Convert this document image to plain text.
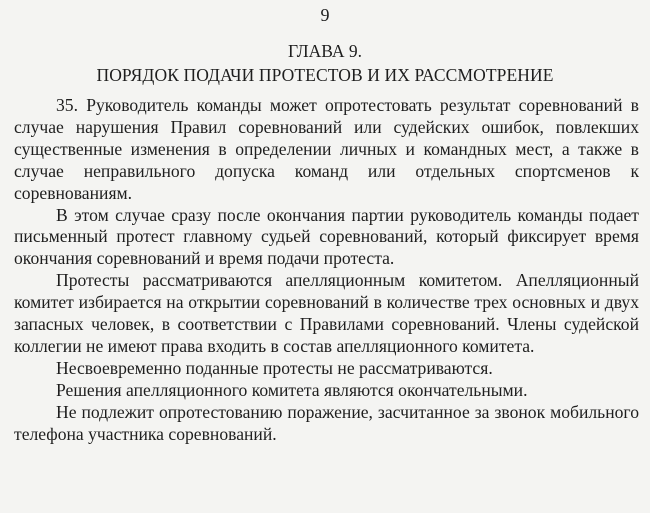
9
ГЛАВА 9.
ПОРЯДОК ПОДАЧИ ПРОТЕСТОВ И ИХ РАССМОТРЕНИЕ

35. Руководитель команды может опротестовать результат соревнований в случае нарушения Правил соревнований или судейских ошибок, повлекших существенные изменения в определении личных и командных мест, а также в случае неправильного допуска команд или отдельных спортсменов к соревнованиям.

В этом случае сразу после окончания партии руководитель команды подает письменный протест главному судьей соревнований, который фиксирует время окончания соревнований и время подачи протеста.

Протесты рассматриваются апелляционным комитетом. Апелляционный комитет избирается на открытии соревнований в количестве трех основных и двух запасных человек, в соответствии с Правилами соревнований. Члены судейской коллегии не имеют права входить в состав апелляционного комитета.

Несвоевременно поданные протесты не рассматриваются.

Решения апелляционного комитета являются окончательными.

Не подлежит опротестованию поражение, засчитанное за звонок мобильного телефона участника соревнований.
